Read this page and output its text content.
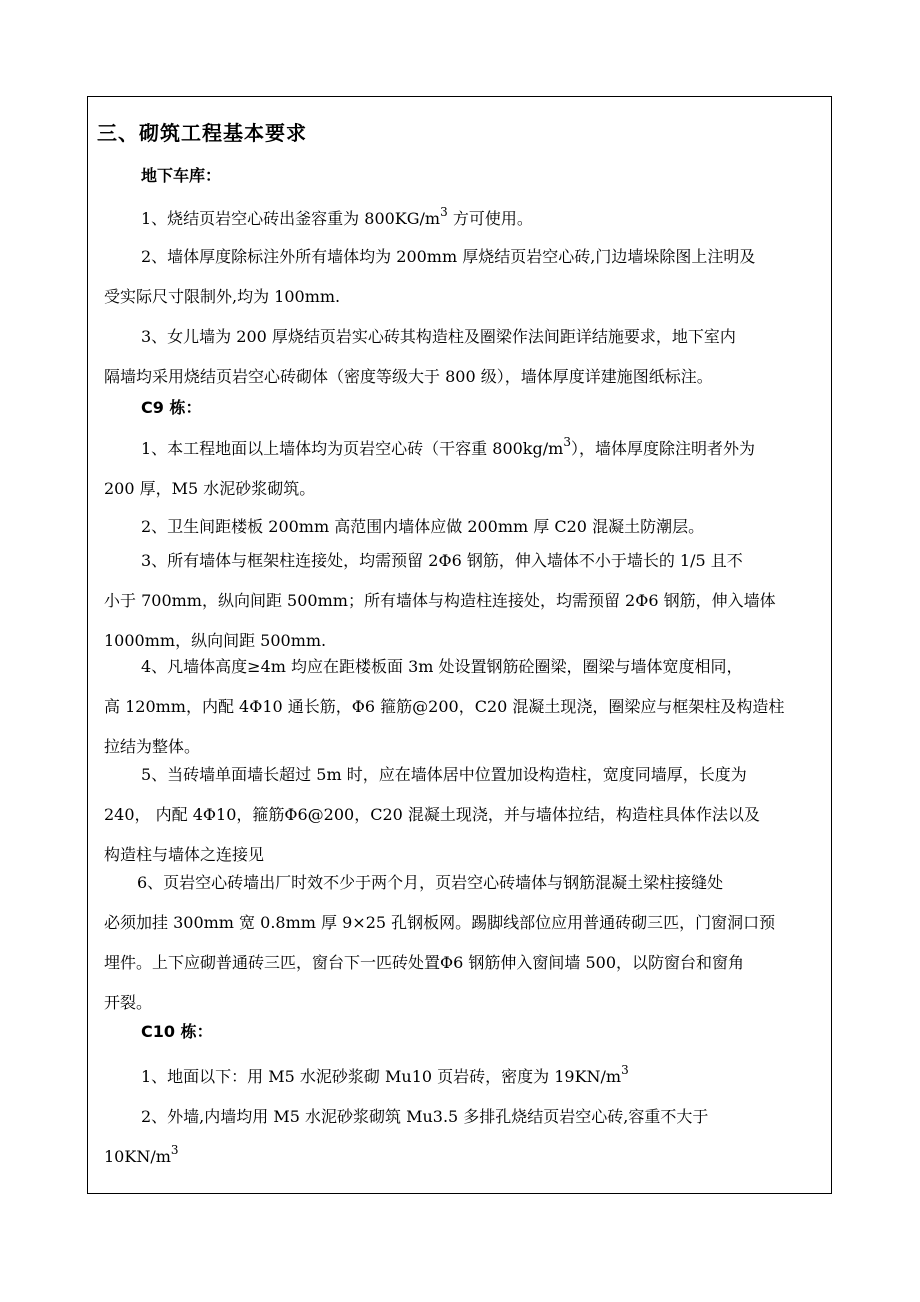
三、砌筑工程基本要求
地下车库：
1、烧结页岩空心砖出釜容重为 $800KG/m^3$ 方可使用。
2、墙体厚度除标注外所有墙体均为 200mm 厚烧结页岩空心砖,门边墙垛除图上注明及
受实际尺寸限制外,均为 100mm.
3、女儿墙为 200 厚烧结页岩实心砖其构造柱及圈梁作法间距详结施要求，地下室内
隔墙均采用烧结页岩空心砖砌体（密度等级大于 800 级），墙体厚度详建施图纸标注。
C9 栋：
1、本工程地面以上墙体均为页岩空心砖（干容重 $800kg/m^3$），墙体厚度除注明者外为
200 厚，M5 水泥砂浆砌筑。
2、卫生间距楼板 200mm 高范围内墙体应做 200mm 厚 C20 混凝土防潮层。
3、所有墙体与框架柱连接处，均需预留 2Φ6 钢筋，伸入墙体不小于墙长的 1/5 且不
小于 700mm，纵向间距 500mm；所有墙体与构造柱连接处，均需预留 2Φ6 钢筋，伸入墙体
1000mm，纵向间距 500mm.
4、凡墙体高度≥4m 均应在距楼板面 3m 处设置钢筋砼圈梁，圈梁与墙体宽度相同，
高 120mm，内配 4Φ10 通长筋，Φ6 箍筋@200，C20 混凝土现浇，圈梁应与框架柱及构造柱
拉结为整体。
5、当砖墙单面墙长超过 5m 时，应在墙体居中位置加设构造柱，宽度同墙厚，长度为
240， 内配 4Φ10，箍筋Φ6@200，C20 混凝土现浇，并与墙体拉结，构造柱具体作法以及
构造柱与墙体之连接见
6、页岩空心砖墙出厂时效不少于两个月，页岩空心砖墙体与钢筋混凝土梁柱接缝处
必须加挂 300mm 宽 0.8mm 厚 9×25 孔钢板网。踢脚线部位应用普通砖砌三匹，门窗洞口预
埋件。上下应砌普通砖三匹，窗台下一匹砖处置Φ6 钢筋伸入窗间墙 500，以防窗台和窗角
开裂。
C10 栋：
1、地面以下：用 M5 水泥砂浆砌 Mu10 页岩砖，密度为 $19KN/m^3$
2、外墙,内墙均用 M5 水泥砂浆砌筑 Mu3.5 多排孔烧结页岩空心砖,容重不大于
$10KN/m^3$
